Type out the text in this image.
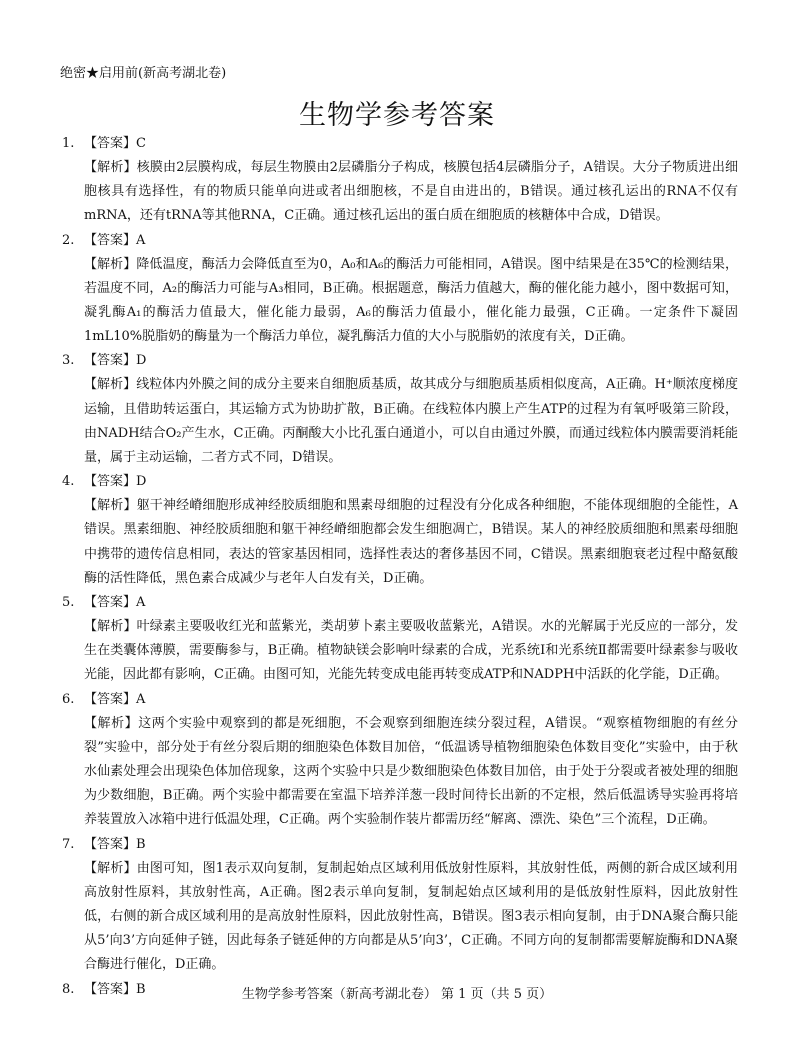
绝密★启用前(新高考湖北卷)
生物学参考答案
1. 【答案】C

【解析】核膜由2层膜构成，每层生物膜由2层磷脂分子构成，核膜包括4层磷脂分子，A错误。大分子物质进出细胞核具有选择性，有的物质只能单向进或者出细胞核，不是自由进出的，B错误。通过核孔运出的RNA不仅有mRNA，还有tRNA等其他RNA，C正确。通过核孔运出的蛋白质在细胞质的核糖体中合成，D错误。

2. 【答案】A

【解析】降低温度，酶活力会降低直至为0，A₀和A₆的酶活力可能相同，A错误。图中结果是在35℃的检测结果，若温度不同，A₂的酶活力可能与A₃相同，B正确。根据题意，酶活力值越大，酶的催化能力越小，图中数据可知，凝乳酶A₁的酶活力值最大，催化能力最弱，A₆的酶活力值最小，催化能力最强，C正确。一定条件下凝固1mL10%脱脂奶的酶量为一个酶活力单位，凝乳酶活力值的大小与脱脂奶的浓度有关，D正确。

3. 【答案】D

【解析】线粒体内外膜之间的成分主要来自细胞质基质，故其成分与细胞质基质相似度高，A正确。H⁺顺浓度梯度运输，且借助转运蛋白，其运输方式为协助扩散，B正确。在线粒体内膜上产生ATP的过程为有氧呼吸第三阶段，由NADH结合O₂产生水，C正确。丙酮酸大小比孔蛋白通道小，可以自由通过外膜，而通过线粒体内膜需要消耗能量，属于主动运输，二者方式不同，D错误。

4. 【答案】D

【解析】躯干神经嵴细胞形成神经胶质细胞和黑素母细胞的过程没有分化成各种细胞，不能体现细胞的全能性，A错误。黑素细胞、神经胶质细胞和躯干神经嵴细胞都会发生细胞凋亡，B错误。某人的神经胶质细胞和黑素母细胞中携带的遗传信息相同，表达的管家基因相同，选择性表达的奢侈基因不同，C错误。黑素细胞衰老过程中酪氨酸酶的活性降低，黑色素合成减少与老年人白发有关，D正确。

5. 【答案】A

【解析】叶绿素主要吸收红光和蓝紫光，类胡萝卜素主要吸收蓝紫光，A错误。水的光解属于光反应的一部分，发生在类囊体薄膜，需要酶参与，B正确。植物缺镁会影响叶绿素的合成，光系统Ⅰ和光系统Ⅱ都需要叶绿素参与吸收光能，因此都有影响，C正确。由图可知，光能先转变成电能再转变成ATP和NADPH中活跃的化学能，D正确。

6. 【答案】A

【解析】这两个实验中观察到的都是死细胞，不会观察到细胞连续分裂过程，A错误。“观察植物细胞的有丝分裂”实验中，部分处于有丝分裂后期的细胞染色体数目加倍，“低温诱导植物细胞染色体数目变化”实验中，由于秋水仙素处理会出现染色体加倍现象，这两个实验中只是少数细胞染色体数目加倍，由于处于分裂或者被处理的细胞为少数细胞，B正确。两个实验中都需要在室温下培养洋葱一段时间待长出新的不定根，然后低温诱导实验再将培养装置放入冰箱中进行低温处理，C正确。两个实验制作装片都需历经“解离、漂洗、染色”三个流程，D正确。

7. 【答案】B

【解析】由图可知，图1表示双向复制，复制起始点区域利用低放射性原料，其放射性低，两侧的新合成区域利用高放射性原料，其放射性高，A正确。图2表示单向复制，复制起始点区域利用的是低放射性原料，因此放射性低，右侧的新合成区域利用的是高放射性原料，因此放射性高，B错误。图3表示相向复制，由于DNA聚合酶只能从5’向3’方向延伸子链，因此每条子链延伸的方向都是从5’向3’，C正确。不同方向的复制都需要解旋酶和DNA聚合酶进行催化，D正确。

8. 【答案】B	生物学参考答案（新高考湖北卷） 第 1 页（共 5 页）
